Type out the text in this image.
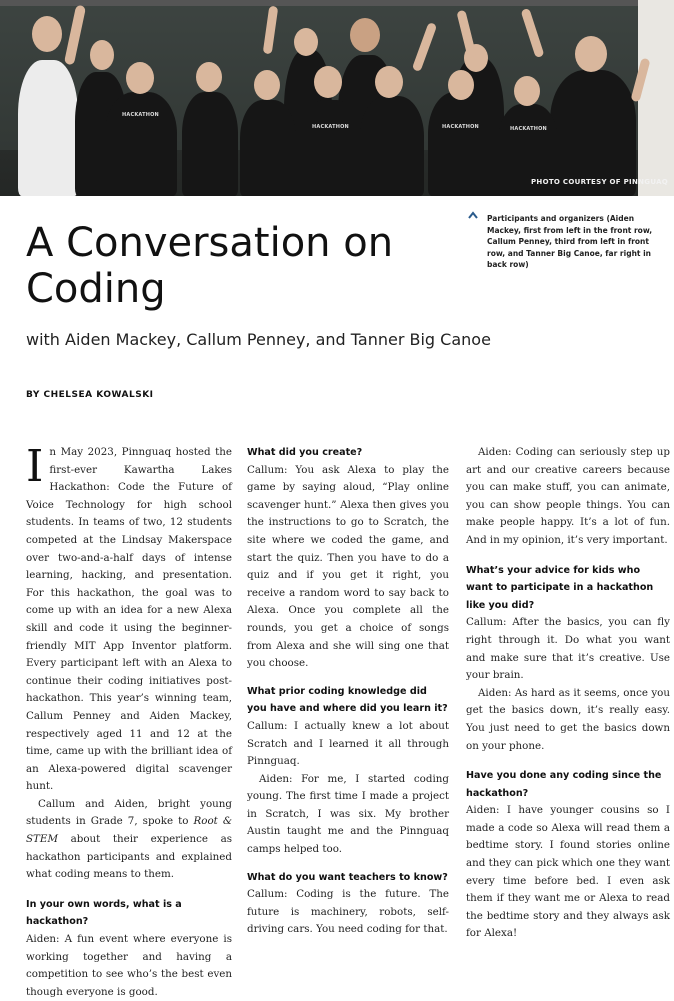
HACKATHON
HACKATHON	HACKATHON	HACKATHON
PHOTO COURTESY OF PINNGUAQ
Participants and organizers (Aiden Mackey, first from left in the front row, Callum Penney, third from left in front row, and Tanner Big Canoe, far right in back row)
A Conversation on Coding
with Aiden Mackey, Callum Penney, and Tanner Big Canoe
BY CHELSEA KOWALSKI

In May 2023, Pinnguaq hosted the first-ever Kawartha Lakes Hackathon: Code the Future of Voice Technology for high school students. In teams of two, 12 students competed at the Lindsay Makerspace over two-and-a-half days of intense learning, hacking, and presentation. For this hackathon, the goal was to come up with an idea for a new Alexa skill and code it using the beginner-friendly MIT App Inventor platform. Every participant left with an Alexa to continue their coding initiatives post-hackathon. This year’s winning team, Callum Penney and Aiden Mackey, respectively aged 11 and 12 at the time, came up with the brilliant idea of an Alexa-powered digital scavenger hunt.

Callum and Aiden, bright young students in Grade 7, spoke to Root & STEM about their experience as hackathon participants and explained what coding means to them.

In your own words, what is a hackathon?

Aiden: A fun event where everyone is working together and having a competition to see who’s the best even though everyone is good.

What did you create?

Callum: You ask Alexa to play the game by saying aloud, “Play online scavenger hunt.” Alexa then gives you the instructions to go to Scratch, the site where we coded the game, and start the quiz. Then you have to do a quiz and if you get it right, you receive a random word to say back to Alexa. Once you complete all the rounds, you get a choice of songs from Alexa and she will sing one that you choose.

What prior coding knowledge did you have and where did you learn it?

Callum: I actually knew a lot about Scratch and I learned it all through Pinnguaq.

Aiden: For me, I started coding young. The first time I made a project in Scratch, I was six. My brother Austin taught me and the Pinnguaq camps helped too.

What do you want teachers to know?

Callum: Coding is the future. The future is machinery, robots, self-driving cars. You need coding for that.

Aiden: Coding can seriously step up art and our creative careers because you can make stuff, you can animate, you can show people things. You can make people happy. It’s a lot of fun. And in my opinion, it’s very important.

What’s your advice for kids who want to participate in a hackathon like you did?

Callum: After the basics, you can fly right through it. Do what you want and make sure that it’s creative. Use your brain.

Aiden: As hard as it seems, once you get the basics down, it’s really easy. You just need to get the basics down on your phone.

Have you done any coding since the hackathon?

Aiden: I have younger cousins so I made a code so Alexa will read them a bedtime story. I found stories online and they can pick which one they want every time before bed. I even ask them if they want me or Alexa to read the bedtime story and they always ask for Alexa!
